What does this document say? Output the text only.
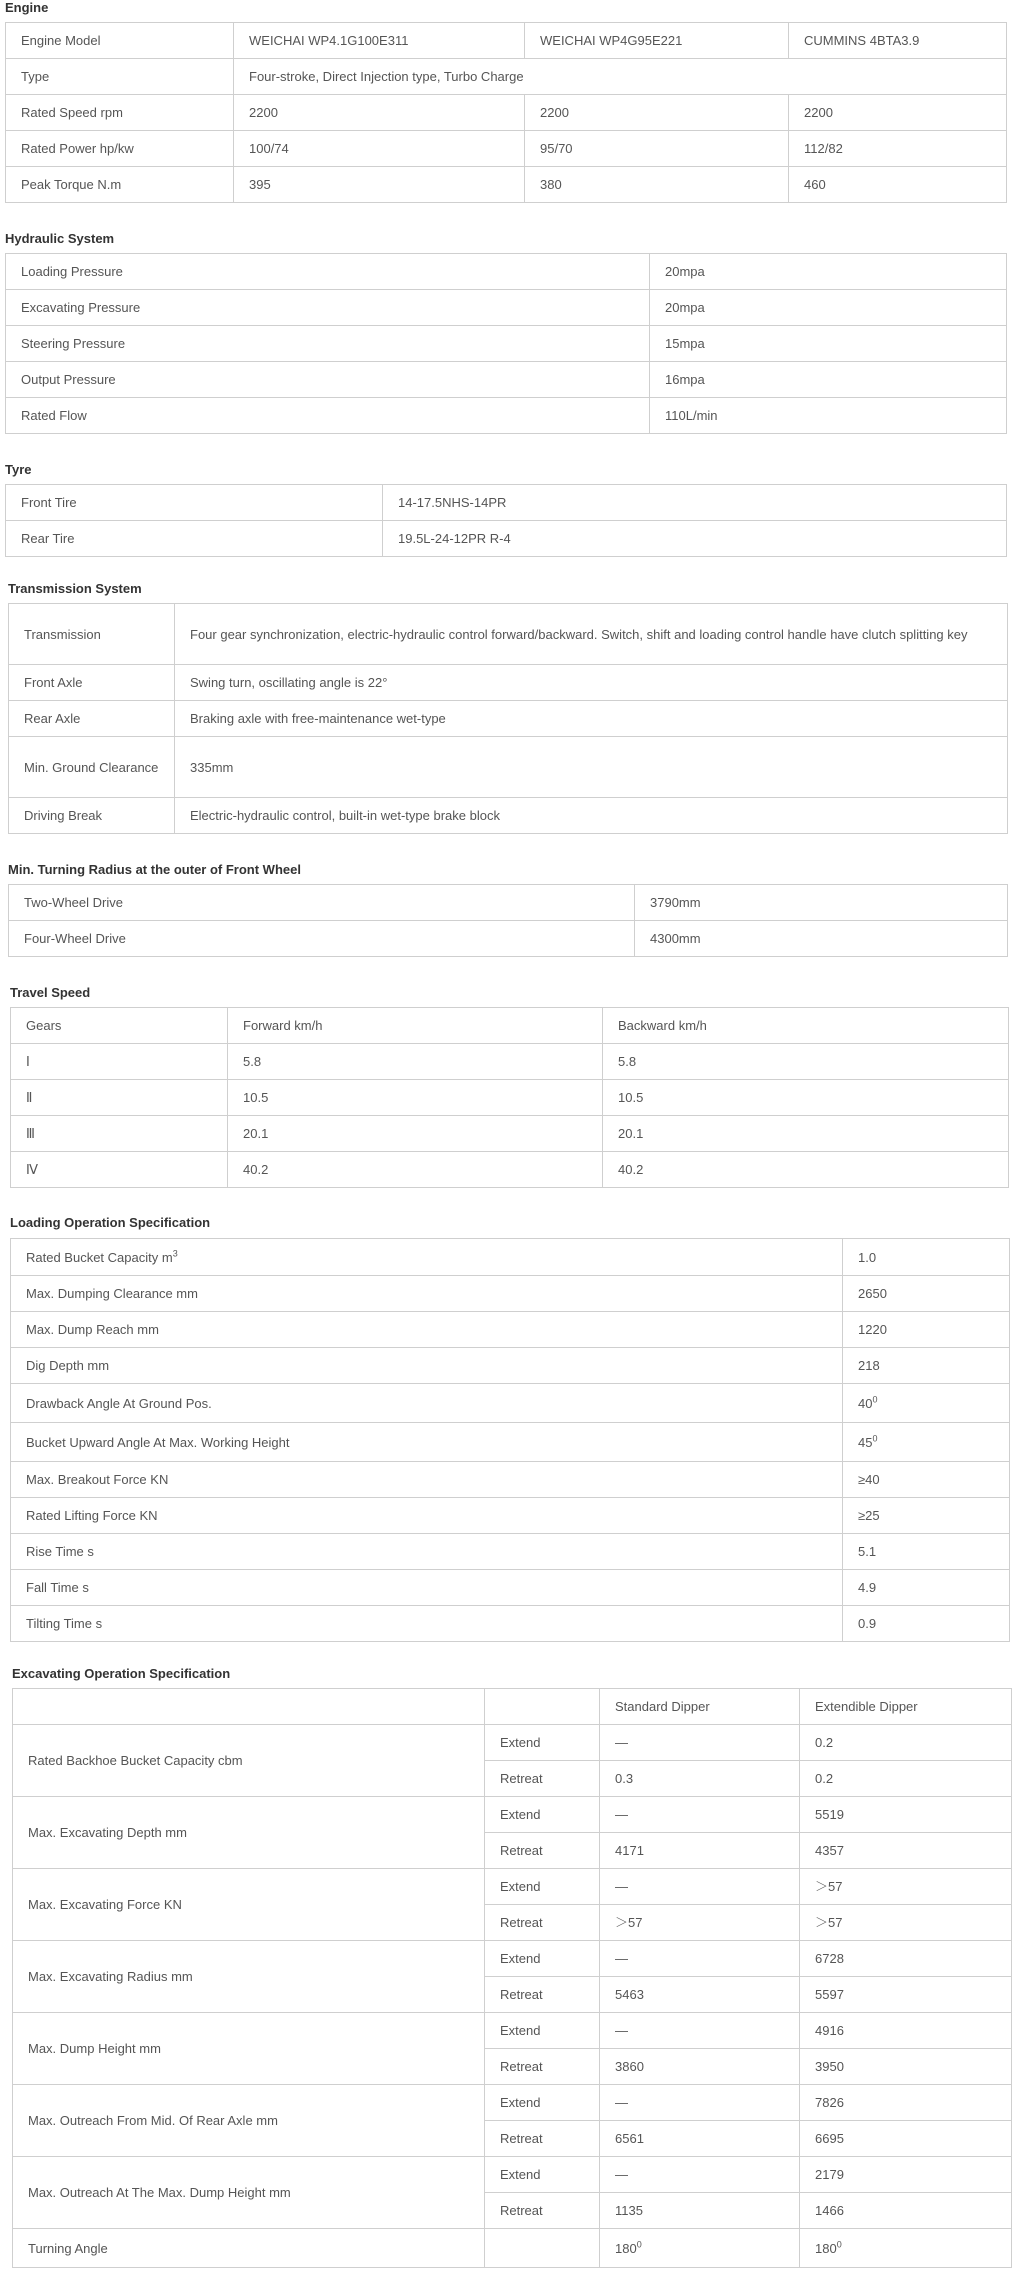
Engine
Engine Model	WEICHAI WP4.1G100E311	WEICHAI WP4G95E221	CUMMINS 4BTA3.9
Type	Four-stroke, Direct Injection type, Turbo Charge		
Rated Speed rpm	2200	2200	2200
Rated Power hp/kw	100/74	95/70	112/82
Peak Torque N.m	395	380	460
Hydraulic System
Loading Pressure	20mpa
Excavating Pressure	20mpa
Steering Pressure	15mpa
Output Pressure	16mpa
Rated Flow	110L/min
Tyre
Front Tire	14-17.5NHS-14PR
Rear Tire	19.5L-24-12PR R-4
Transmission System
Transmission	Four gear synchronization, electric-hydraulic control forward/backward. Switch, shift and loading control handle have clutch splitting key
Front Axle	Swing turn, oscillating angle is 22°
Rear Axle	Braking axle with free-maintenance wet-type
Min. Ground Clearance	335mm
Driving Break	Electric-hydraulic control, built-in wet-type brake block
Min. Turning Radius at the outer of Front Wheel
Two-Wheel Drive	3790mm
Four-Wheel Drive	4300mm
Travel Speed
Gears	Forward km/h	Backward km/h
Ⅰ	5.8	5.8
Ⅱ	10.5	10.5
Ⅲ	20.1	20.1
Ⅳ	40.2	40.2
Loading Operation Specification
Rated Bucket Capacity $m^3$	1.0
Max. Dumping Clearance mm	2650
Max. Dump Reach mm	1220
Dig Depth mm	218
Drawback Angle At Ground Pos.	$40^0$
Bucket Upward Angle At Max. Working Height	$45^0$
Max. Breakout Force KN	≥40
Rated Lifting Force KN	≥25
Rise Time s	5.1
Fall Time s	4.9
Tilting Time s	0.9
Excavating Operation Specification
		Standard Dipper	Extendible Dipper
Rated Backhoe Bucket Capacity cbm	Extend	—	0.2
	Retreat	0.3	0.2
Max. Excavating Depth mm	Extend	—	5519
	Retreat	4171	4357
Max. Excavating Force KN	Extend	—	＞57
	Retreat	＞57	＞57
Max. Excavating Radius mm	Extend	—	6728
	Retreat	5463	5597
Max. Dump Height mm	Extend	—	4916
	Retreat	3860	3950
Max. Outreach From Mid. Of Rear Axle mm	Extend	—	7826
	Retreat	6561	6695
Max. Outreach At The Max. Dump Height mm	Extend	—	2179
	Retreat	1135	1466
Turning Angle		$180^0$	$180^0$
